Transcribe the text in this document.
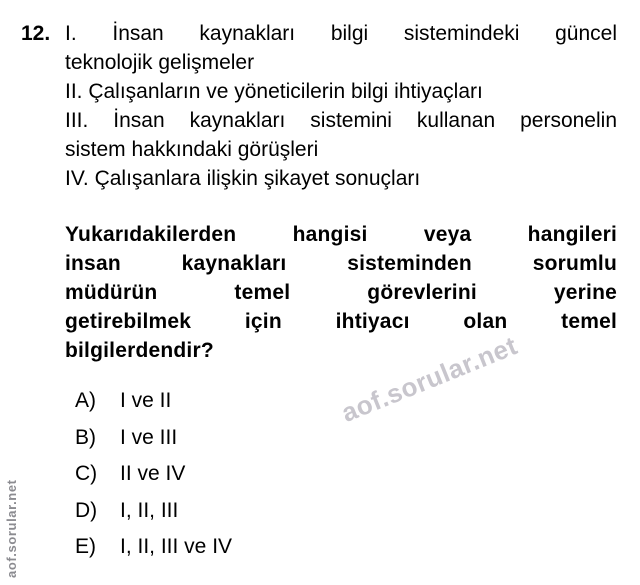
12. I. İnsan kaynakları bilgi sistemindeki güncel
teknolojik gelişmeler
II. Çalışanların ve yöneticilerin bilgi ihtiyaçları
III. İnsan kaynakları sistemini kullanan personelin
sistem hakkındaki görüşleri
IV. Çalışanlara ilişkin şikayet sonuçları
Yukarıdakilerden hangisi veya hangileri
insan kaynakları sisteminden sorumlu
müdürün temel görevlerini yerine
getirebilmek için ihtiyacı olan temel
bilgilerdendir?
A)	I ve II
B)	I ve III
C)	II ve IV
D)	I, II, III
E)	I, II, III ve IV
aof.sorular.net
aof.sorular.net
